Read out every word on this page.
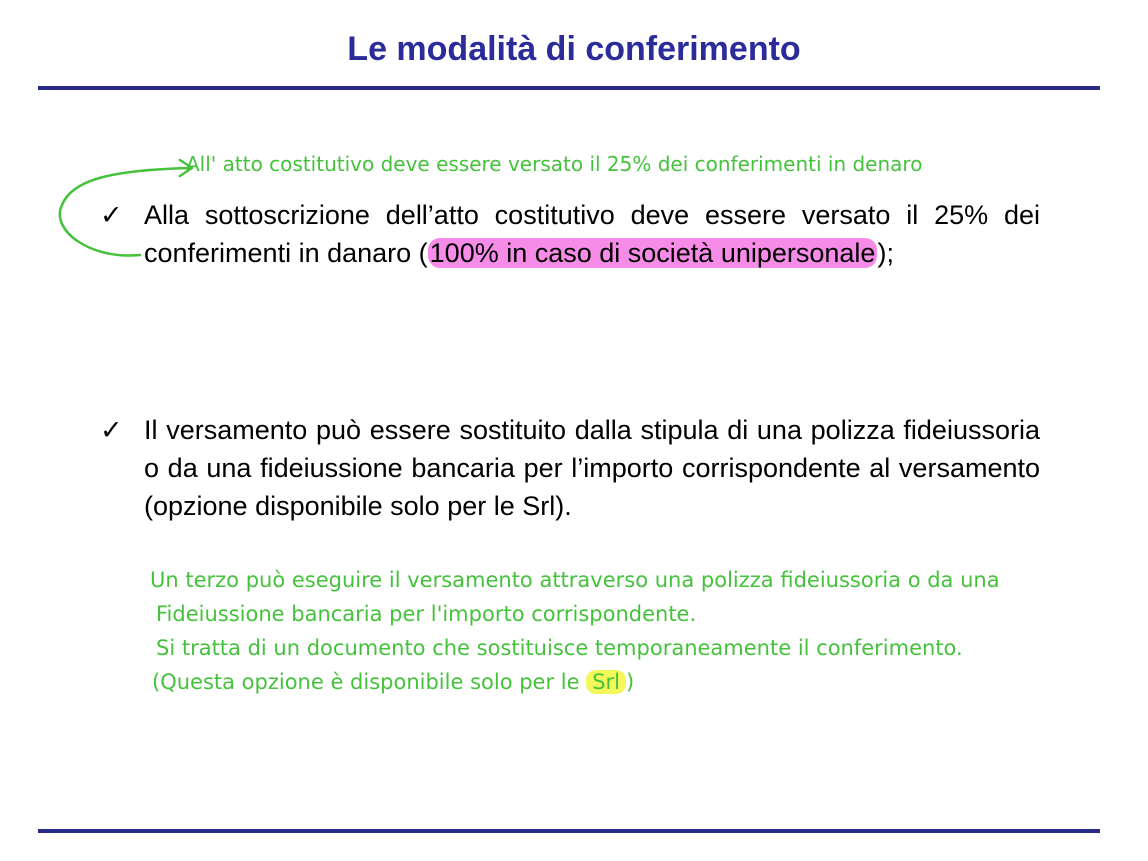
Le modalità di conferimento
All' atto costitutivo deve essere versato il 25% dei conferimenti in denaro
✓ Alla sottoscrizione dell’atto costitutivo deve essere versato il 25% dei conferimenti in danaro (100% in caso di società unipersonale);
✓ Il versamento può essere sostituito dalla stipula di una polizza fideiussoria o da una fideiussione bancaria per l’importo corrispondente al versamento (opzione disponibile solo per le Srl).
Un terzo può eseguire il versamento attraverso una polizza fideiussoria o da una
Fideiussione bancaria per l'importo corrispondente.
Si tratta di un documento che sostituisce temporaneamente il conferimento.
(Questa opzione è disponibile solo per le Srl )
